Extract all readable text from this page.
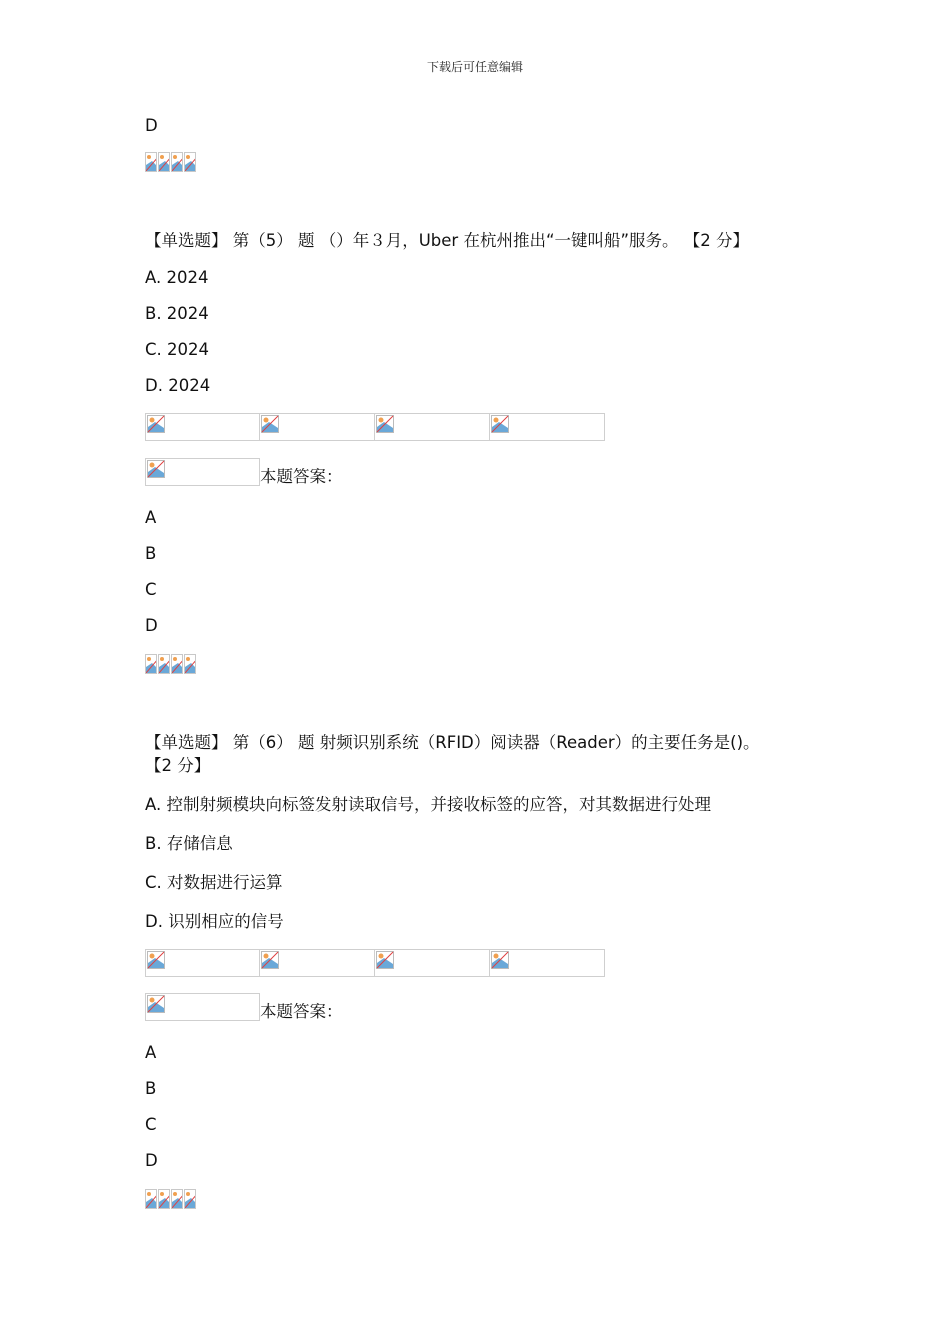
下载后可任意编辑
D
【单选题】 第（5） 题 （）年３月，Uber 在杭州推出“一键叫船”服务。 【2 分】
A. 2024
B. 2024
C. 2024
D. 2024
本题答案：
A
B
C
D
【单选题】 第（6） 题 射频识别系统（RFID）阅读器（Reader）的主要任务是()。
【2 分】
A. 控制射频模块向标签发射读取信号，并接收标签的应答，对其数据进行处理
B. 存储信息
C. 对数据进行运算
D. 识别相应的信号
本题答案：
A
B
C
D
